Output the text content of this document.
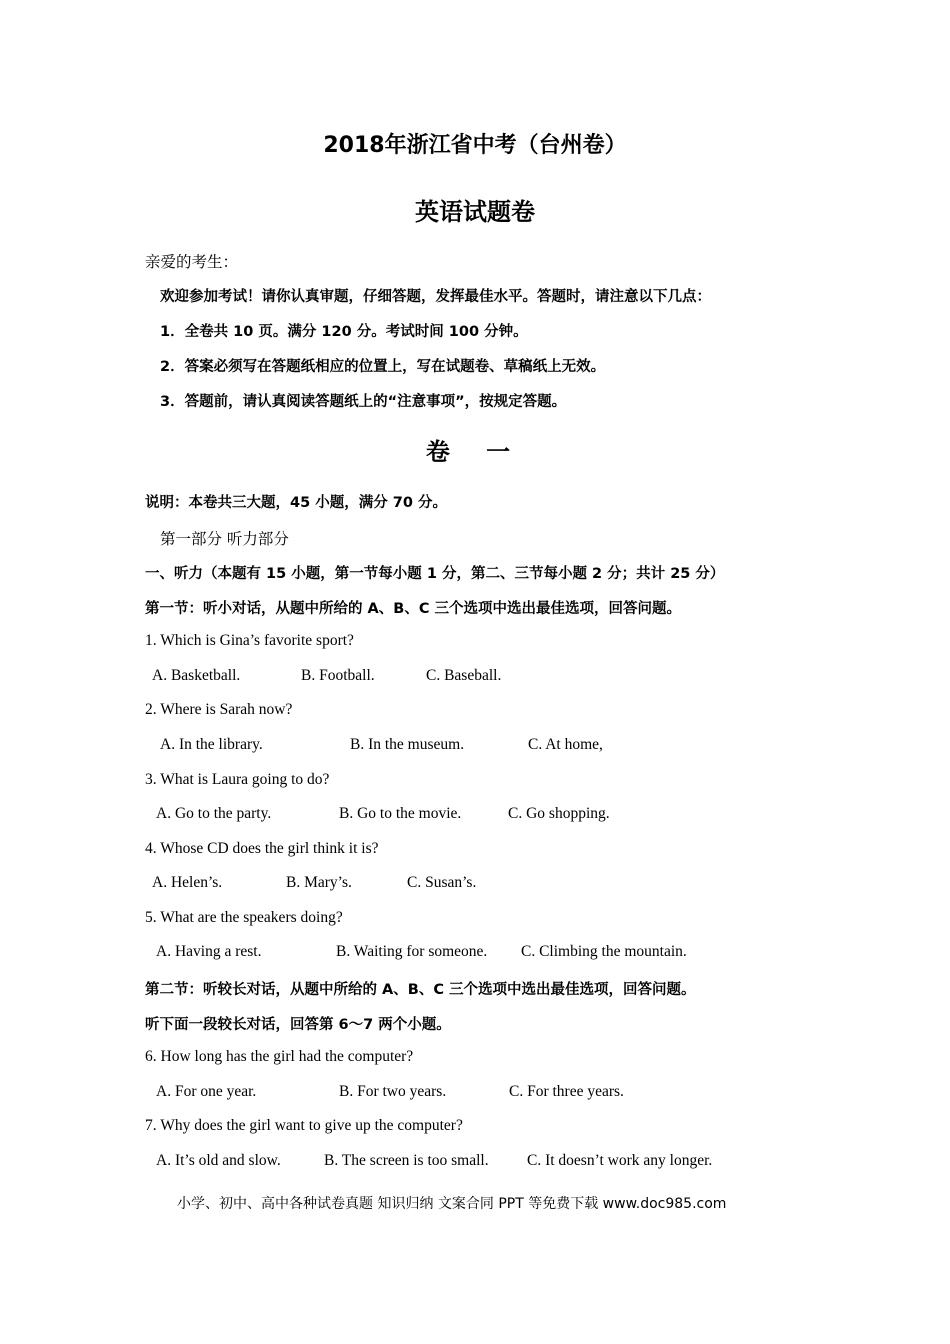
2018年浙江省中考（台州卷）
英语试题卷
亲爱的考生：
欢迎参加考试！请你认真审题，仔细答题，发挥最佳水平。答题时，请注意以下几点：
1．全卷共 10 页。满分 120 分。考试时间 100 分钟。
2．答案必须写在答题纸相应的位置上，写在试题卷、草稿纸上无效。
3．答题前，请认真阅读答题纸上的“注意事项”，按规定答题。
卷 一
说明：本卷共三大题，45 小题，满分 70 分。
第一部分 听力部分
一、听力（本题有 15 小题，第一节每小题 1 分，第二、三节每小题 2 分；共计 25 分）
第一节：听小对话，从题中所给的 A、B、C 三个选项中选出最佳选项，回答问题。
1. Which is Gina’s favorite sport?
A. Basketball.	B. Football.	C. Baseball.
2. Where is Sarah now?
A. In the library.	B. In the museum.	C. At home,
3. What is Laura going to do?
A. Go to the party.	B. Go to the movie.	C. Go shopping.
4. Whose CD does the girl think it is?
A. Helen’s.	B. Mary’s.	C. Susan’s.
5. What are the speakers doing?
A. Having a rest.	B. Waiting for someone. C. Climbing the mountain.
第二节：听较长对话，从题中所给的 A、B、C 三个选项中选出最佳选项，回答问题。
听下面一段较长对话，回答第 6～7 两个小题。
6. How long has the girl had the computer?
A. For one year.	B. For two years.	C. For three years.
7. Why does the girl want to give up the computer?
A. It’s old and slow.	B. The screen is too small. C. It doesn’t work any longer.
小学、初中、高中各种试卷真题 知识归纳 文案合同 PPT 等免费下载 www.doc985.com
